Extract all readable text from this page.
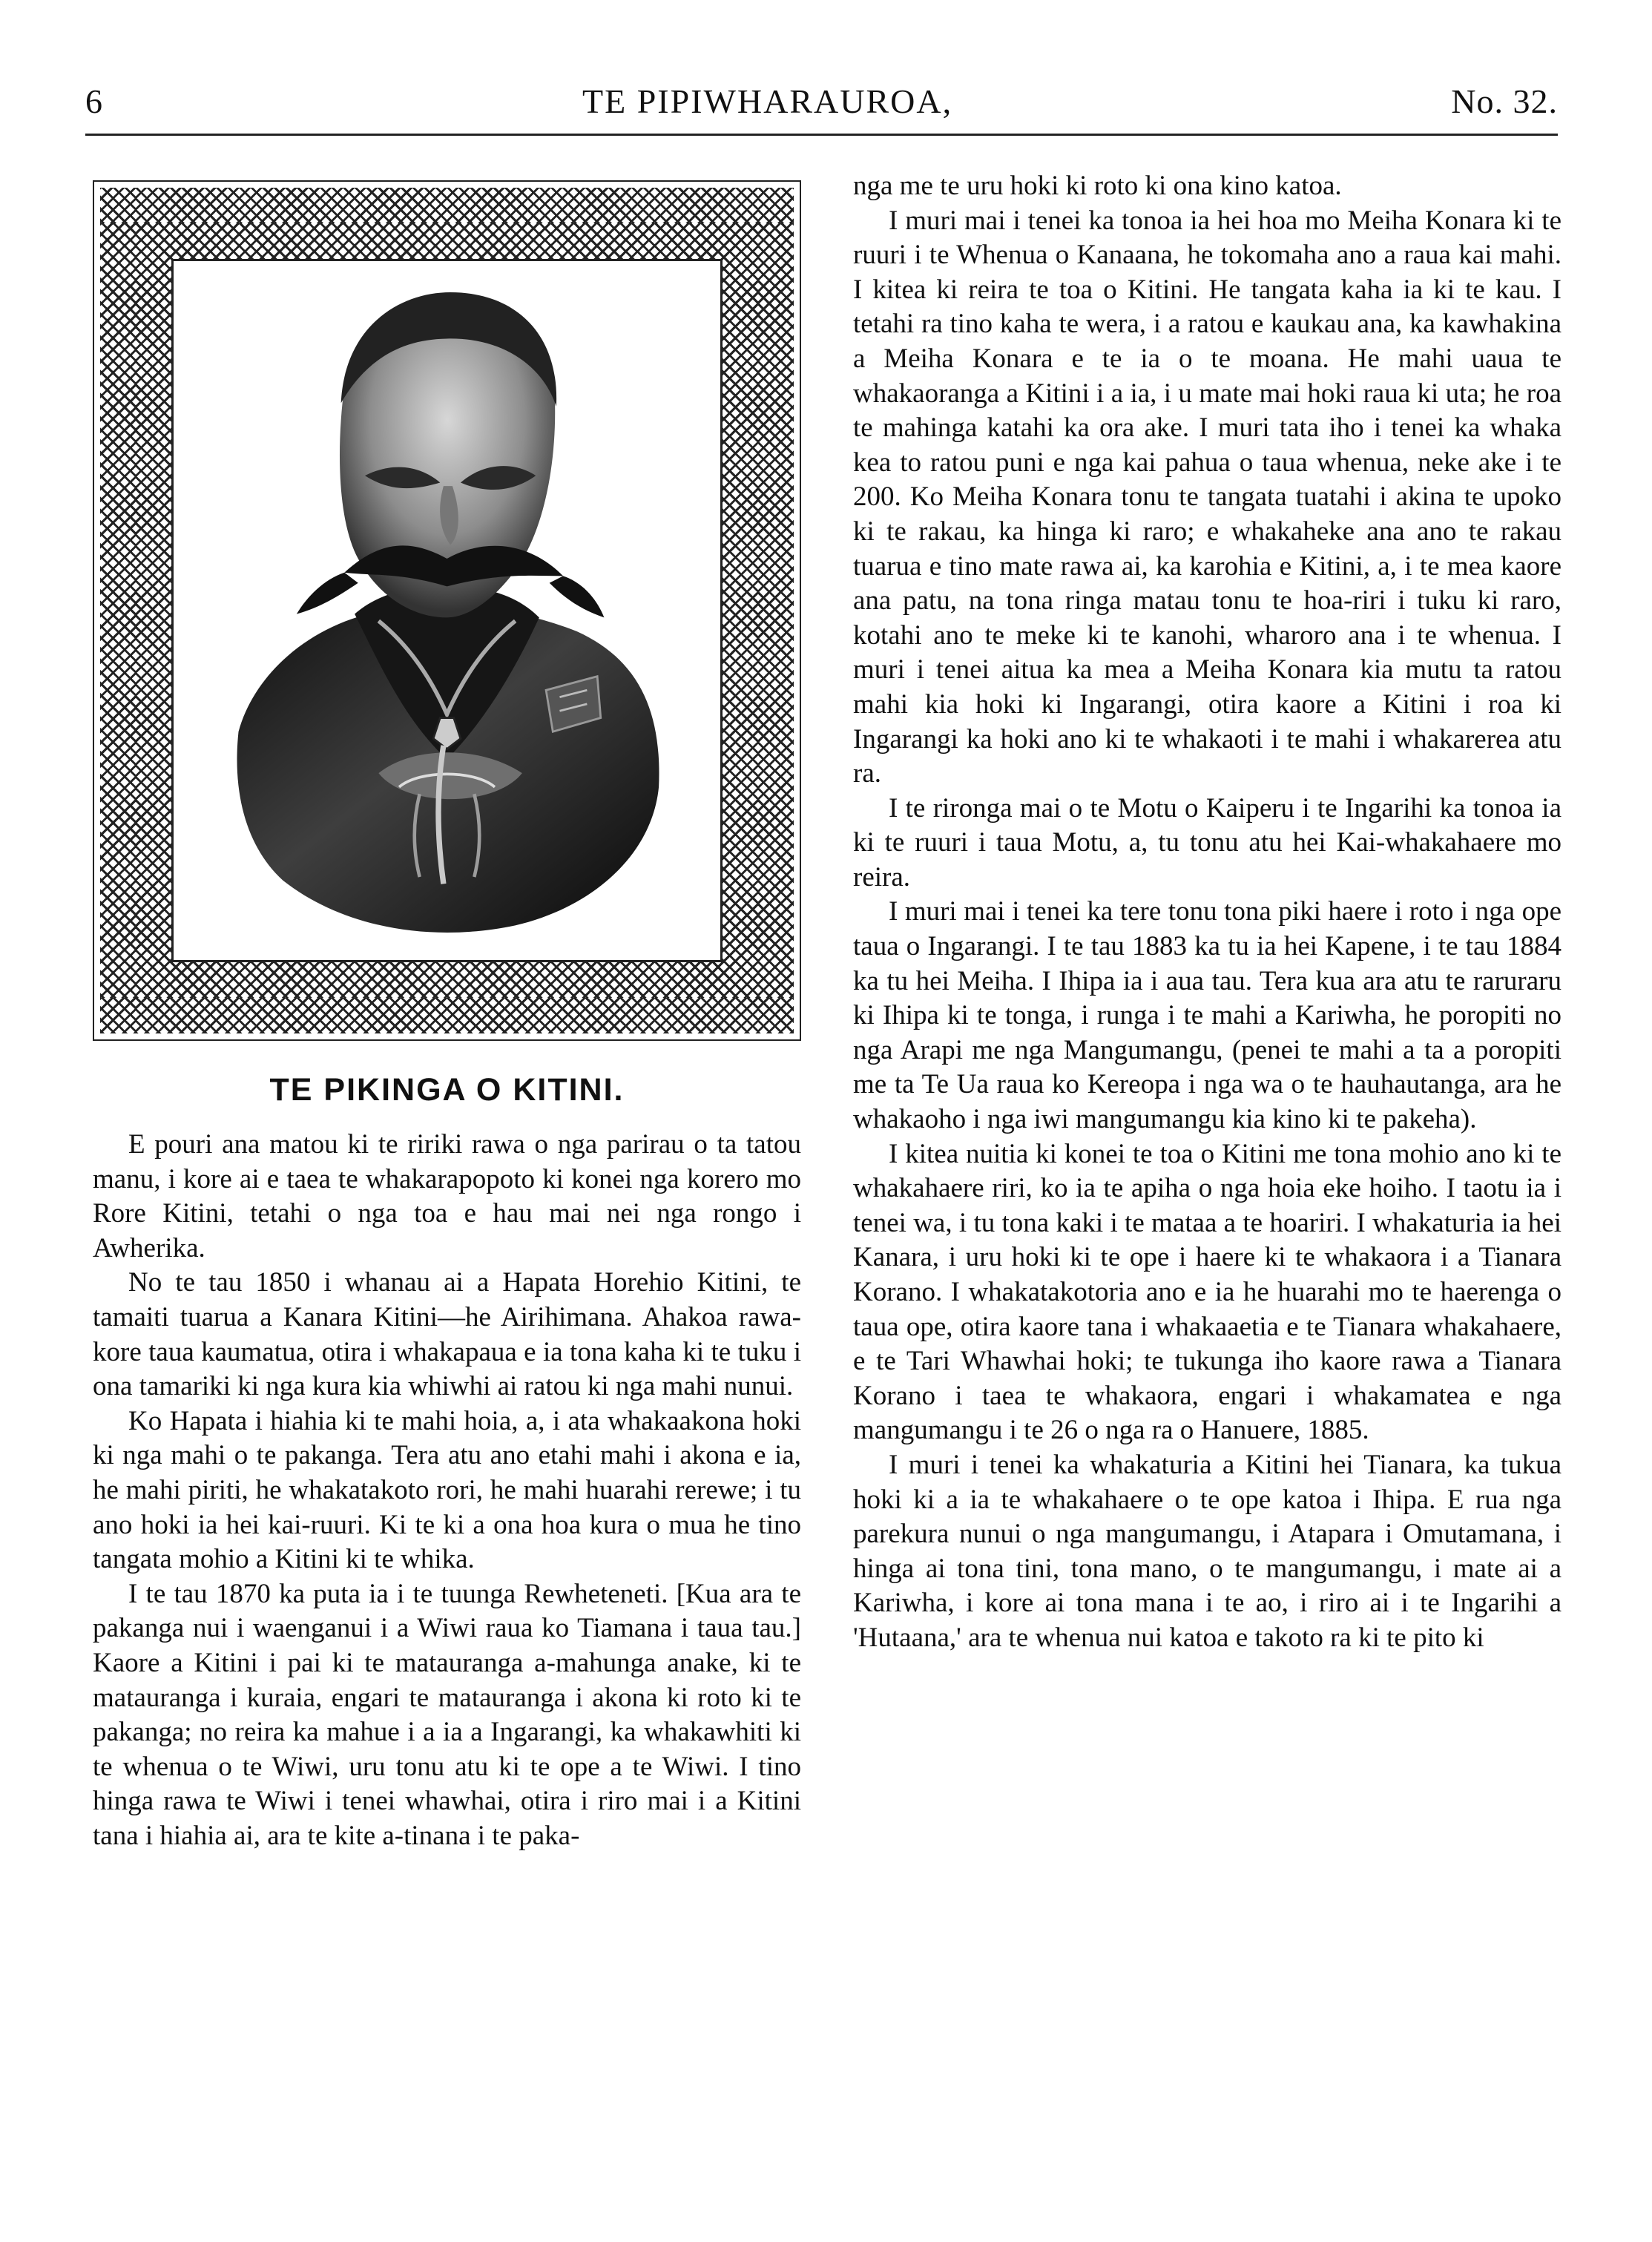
6	TE PIPIWHARAUROA,	No. 32.
TE PIKINGA O KITINI.

E pouri ana matou ki te ririki rawa o nga parirau o ta tatou manu, i kore ai e taea te whakarapopoto ki konei nga korero mo Rore Kitini, tetahi o nga toa e hau mai nei nga rongo i Awherika.

No te tau 1850 i whanau ai a Hapata Horehio Kitini, te tamaiti tuarua a Kanara Kitini—he Airihimana. Ahakoa rawa-kore taua kaumatua, otira i whakapaua e ia tona kaha ki te tuku i ona tamariki ki nga kura kia whiwhi ai ratou ki nga mahi nunui.

Ko Hapata i hiahia ki te mahi hoia, a, i ata whakaakona hoki ki nga mahi o te pakanga. Tera atu ano etahi mahi i akona e ia, he mahi piriti, he whakatakoto rori, he mahi huarahi rerewe; i tu ano hoki ia hei kai-ruuri. Ki te ki a ona hoa kura o mua he tino tangata mohio a Kitini ki te whika.

I te tau 1870 ka puta ia i te tuunga Rewheteneti. [Kua ara te pakanga nui i waenganui i a Wiwi raua ko Tiamana i taua tau.] Kaore a Kitini i pai ki te matauranga a-mahunga anake, ki te matauranga i kuraia, engari te matauranga i akona ki roto ki te pakanga; no reira ka mahue i a ia a Ingarangi, ka whakawhiti ki te whenua o te Wiwi, uru tonu atu ki te ope a te Wiwi. I tino hinga rawa te Wiwi i tenei whawhai, otira i riro mai i a Kitini tana i hiahia ai, ara te kite a-tinana i te paka-

nga me te uru hoki ki roto ki ona kino katoa.

I muri mai i tenei ka tonoa ia hei hoa mo Meiha Konara ki te ruuri i te Whenua o Kanaana, he tokomaha ano a raua kai mahi. I kitea ki reira te toa o Kitini. He tangata kaha ia ki te kau. I tetahi ra tino kaha te wera, i a ratou e kaukau ana, ka kawhakina a Meiha Konara e te ia o te moana. He mahi uaua te whakaoranga a Kitini i a ia, i u mate mai hoki raua ki uta; he roa te mahinga katahi ka ora ake. I muri tata iho i tenei ka whaka kea to ratou puni e nga kai pahua o taua whenua, neke ake i te 200. Ko Meiha Konara tonu te tangata tuatahi i akina te upoko ki te rakau, ka hinga ki raro; e whakaheke ana ano te rakau tuarua e tino mate rawa ai, ka karohia e Kitini, a, i te mea kaore ana patu, na tona ringa matau tonu te hoa-riri i tuku ki raro, kotahi ano te meke ki te kanohi, wharoro ana i te whenua. I muri i tenei aitua ka mea a Meiha Konara kia mutu ta ratou mahi kia hoki ki Ingarangi, otira kaore a Kitini i roa ki Ingarangi ka hoki ano ki te whakaoti i te mahi i whakarerea atu ra.

I te rironga mai o te Motu o Kaiperu i te Ingarihi ka tonoa ia ki te ruuri i taua Motu, a, tu tonu atu hei Kai-whakahaere mo reira.

I muri mai i tenei ka tere tonu tona piki haere i roto i nga ope taua o Ingarangi. I te tau 1883 ka tu ia hei Kapene, i te tau 1884 ka tu hei Meiha. I Ihipa ia i aua tau. Tera kua ara atu te raruraru ki Ihipa ki te tonga, i runga i te mahi a Kariwha, he poropiti no nga Arapi me nga Mangumangu, (penei te mahi a ta a poropiti me ta Te Ua raua ko Kereopa i nga wa o te hauhautanga, ara he whakaoho i nga iwi mangumangu kia kino ki te pakeha).

I kitea nuitia ki konei te toa o Kitini me tona mohio ano ki te whakahaere riri, ko ia te apiha o nga hoia eke hoiho. I taotu ia i tenei wa, i tu tona kaki i te mataa a te hoariri. I whakaturia ia hei Kanara, i uru hoki ki te ope i haere ki te whakaora i a Tianara Korano. I whakatakotoria ano e ia he huarahi mo te haerenga o taua ope, otira kaore tana i whakaaetia e te Tianara whakahaere, e te Tari Whawhai hoki; te tukunga iho kaore rawa a Tianara Korano i taea te whakaora, engari i whakamatea e nga mangumangu i te 26 o nga ra o Hanuere, 1885.

I muri i tenei ka whakaturia a Kitini hei Tianara, ka tukua hoki ki a ia te whakahaere o te ope katoa i Ihipa. E rua nga parekura nunui o nga mangumangu, i Atapara i Omutamana, i hinga ai tona tini, tona mano, o te mangumangu, i mate ai a Kariwha, i kore ai tona mana i te ao, i riro ai i te Ingarihi a 'Hutaana,' ara te whenua nui katoa e takoto ra ki te pito ki
